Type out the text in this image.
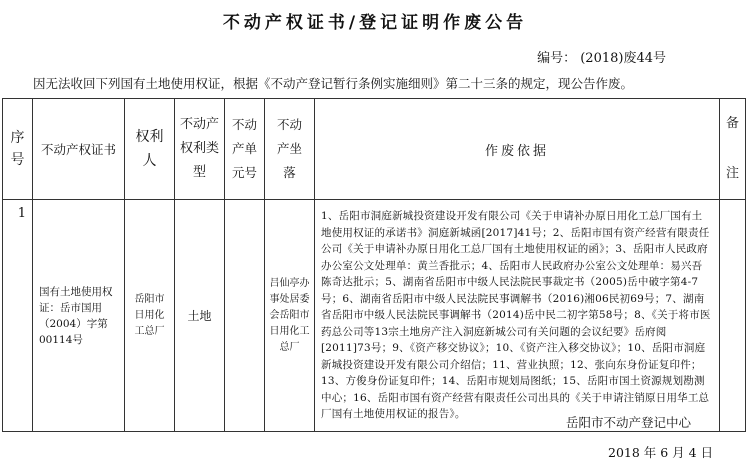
不动产权证书/登记证明作废公告
编号： (2018)废44号
因无法收回下列国有土地使用权证，根据《不动产登记暂行条例实施细则》第二十三条的规定，现公告作废。
序号	不动产权证书	权利人	不动产权利类型	不动产单元号	不动产坐落	作废依据	备注
1	国有土地使用权证：岳市国用（2004）字第00114号	岳阳市日用化工总厂	土地		吕仙亭办事处居委会岳阳市日用化工总厂	1、岳阳市洞庭新城投资建设开发有限公司《关于申请补办原日用化工总厂国有土地使用权证的承诺书》洞庭新城函[2017]41号；2、岳阳市国有资产经营有限责任公司《关于申请补办原日用化工总厂国有土地使用权证的函》；3、岳阳市人民政府办公室公文处理单：黄兰香批示；4、岳阳市人民政府办公室公文处理单：易兴吾陈奇达批示；5、湖南省岳阳市中级人民法院民事裁定书（2005)岳中破字第4-7号；6、湖南省岳阳市中级人民法院民事调解书（2016)湘06民初69号；7、湖南省岳阳市中级人民法院民事调解书（2014)岳中民二初字第58号；8、《关于将市医药总公司等13宗土地房产注入洞庭新城公司有关问题的会议纪要》岳府阅[2011]73号；9、《资产移交协议》；10、《资产注入移交协议》；10、岳阳市洞庭新城投资建设开发有限公司介绍信；11、营业执照；12、张向东身份证复印件；13、方俊身份证复印件；14、岳阳市规划局图纸；15、岳阳市国土资源规划勘测中心；16、岳阳市国有资产经营有限责任公司出具的《关于申请注销原日用华工总厂国有土地使用权证的报告》。	
岳阳市不动产登记中心
2018 年 6 月 4 日
